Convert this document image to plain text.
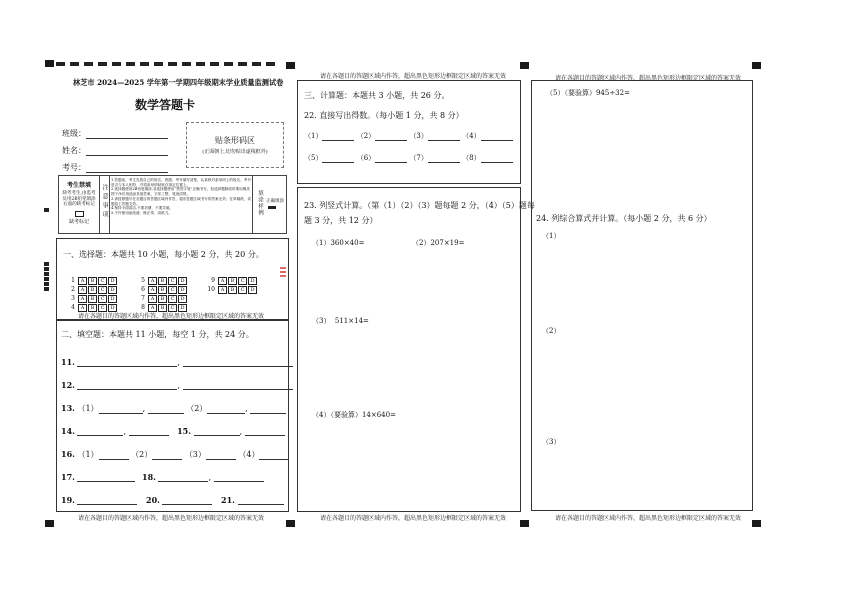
林芝市 2024—2025 学年第一学期四年级期末学业质量监测试卷
数学答题卡
班级：
姓名：
考号：
贴条形码区
(正面朝上,切勿贴出虚线框外)
考生禁填
缺考考生,由监考员用2B铅笔填涂右面的缺考标记
缺考标记
注意事项
1.答题前，考生先将自己的姓名、班级、考号填写清楚，认真核对条形码上的姓名、考号是否与本人相符，并将条形码粘贴在指定位置上。
2.选择题使用2B铅笔填涂,非选择题使用“黑签字笔”正确书写，但选择题修改时要用橡皮擦干净后再选涂其他答案，字体工整，笔迹清楚。
3.请按照题号在各题目的答题区域内作答，超出答题区域书写的答案无效；在草稿纸、试题卷上答题无效。
4.保持卡面清洁,不要折叠、不要弄破。
5.不许使用涂改液、修正带、刮纸刀。	填涂样例 正确填涂
一、选择题：本题共 10 小题，每小题 2 分，共 20 分。
1 A B C D
2 A B C D
3 A B C D
4 A B C D
5 A B C D
6 A B C D
7 A B C D
8 A B C D
9 A B C D
10 A B C D
请在各题目的答题区域内作答，超出黑色矩形边框限定区域的答案无效
二、填空题：本题共 11 小题，每空 1 分，共 24 分。
11.	,
12.	,
13. （1）	,	（2）	,
14.	,	15.	,
16. （1）	（2）	（3）	（4）
17.	18.	,
19.	20.	21.
请在各题目的答题区域内作答，超出黑色矩形边框限定区域的答案无效
请在各题目的答题区域内作答，超出黑色矩形边框限定区域的答案无效
三、计算题：本题共 3 小题，共 26 分。
22. 直接写出得数。（每小题 1 分，共 8 分）
（1）	（2）	（3）	（4）
（5）	（6）	（7）	（8）
23. 列竖式计算。（第（1）（2）（3）题每题 2 分，（4）（5）题每
题 3 分，共 12 分）
（1）360×40=	（2）207×19=
（3）  511×14=
（4）（要验算）14×640=
请在各题目的答题区域内作答，超出黑色矩形边框限定区域的答案无效
请在各题目的答题区域内作答，超出黑色矩形边框限定区域的答案无效
（5）（要验算）945÷32=
24. 列综合算式并计算。（每小题 2 分，共 6 分）
（1）
（2）
（3）
请在各题目的答题区域内作答，超出黑色矩形边框限定区域的答案无效
